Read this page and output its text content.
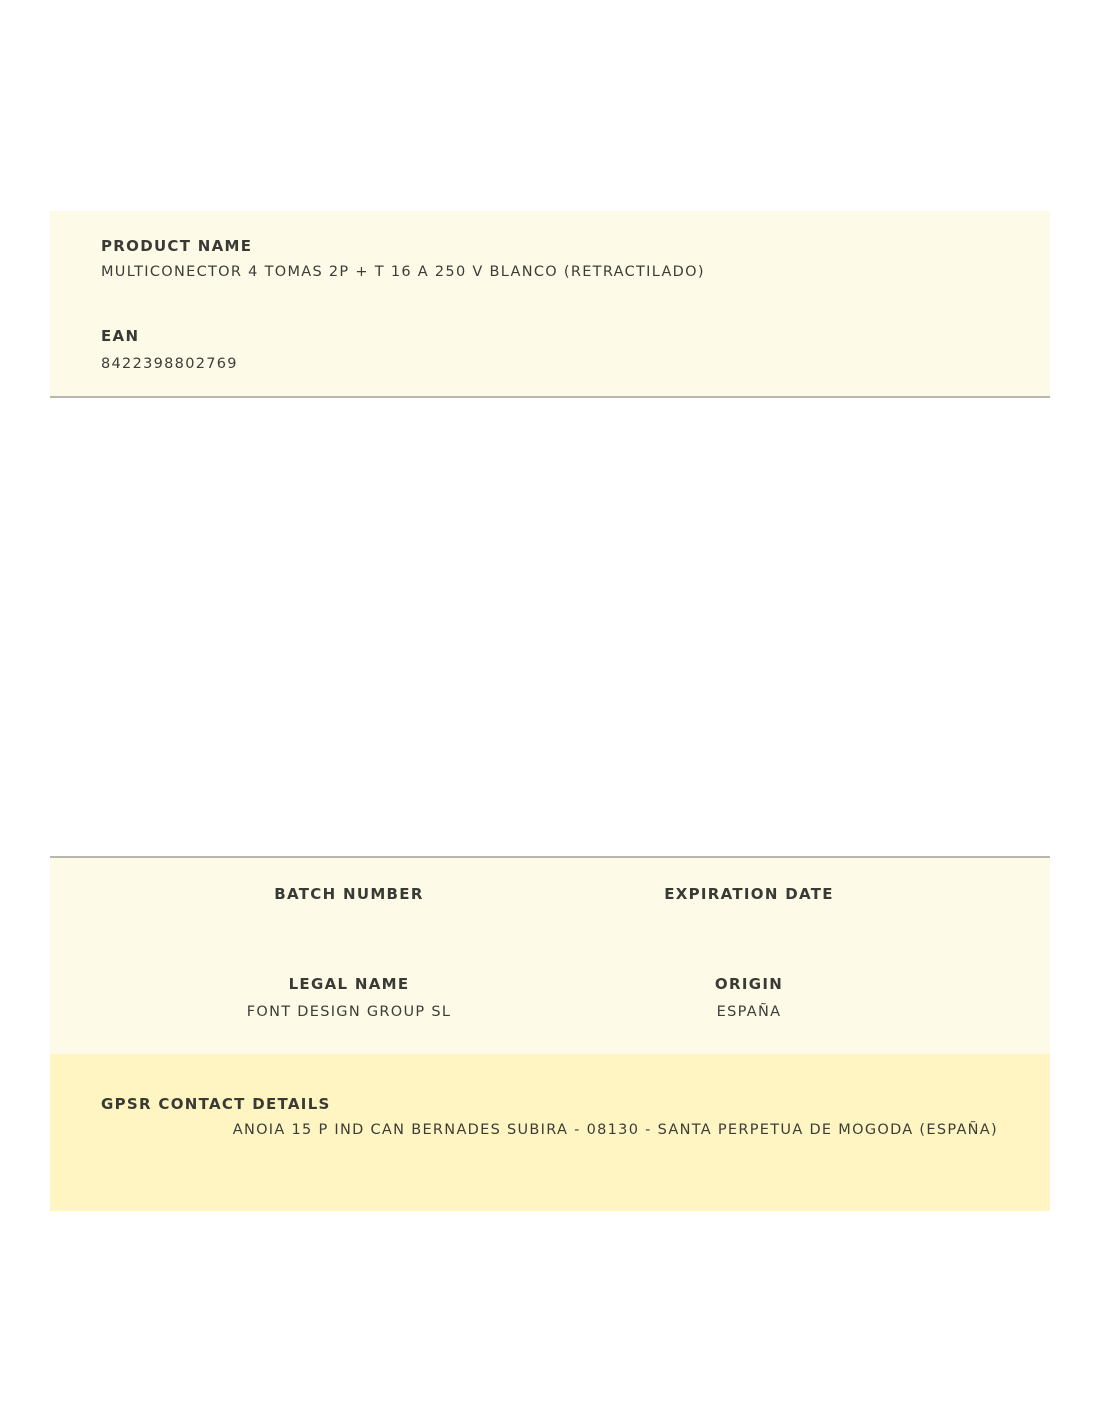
PRODUCT NAME
MULTICONECTOR 4 TOMAS 2P + T 16 A 250 V BLANCO (RETRACTILADO)
EAN
8422398802769
BATCH NUMBER	EXPIRATION DATE
LEGAL NAME
FONT DESIGN GROUP SL
ORIGIN
ESPAÑA
GPSR CONTACT DETAILS
ANOIA 15 P IND CAN BERNADES SUBIRA - 08130 - SANTA PERPETUA DE MOGODA (ESPAÑA)
